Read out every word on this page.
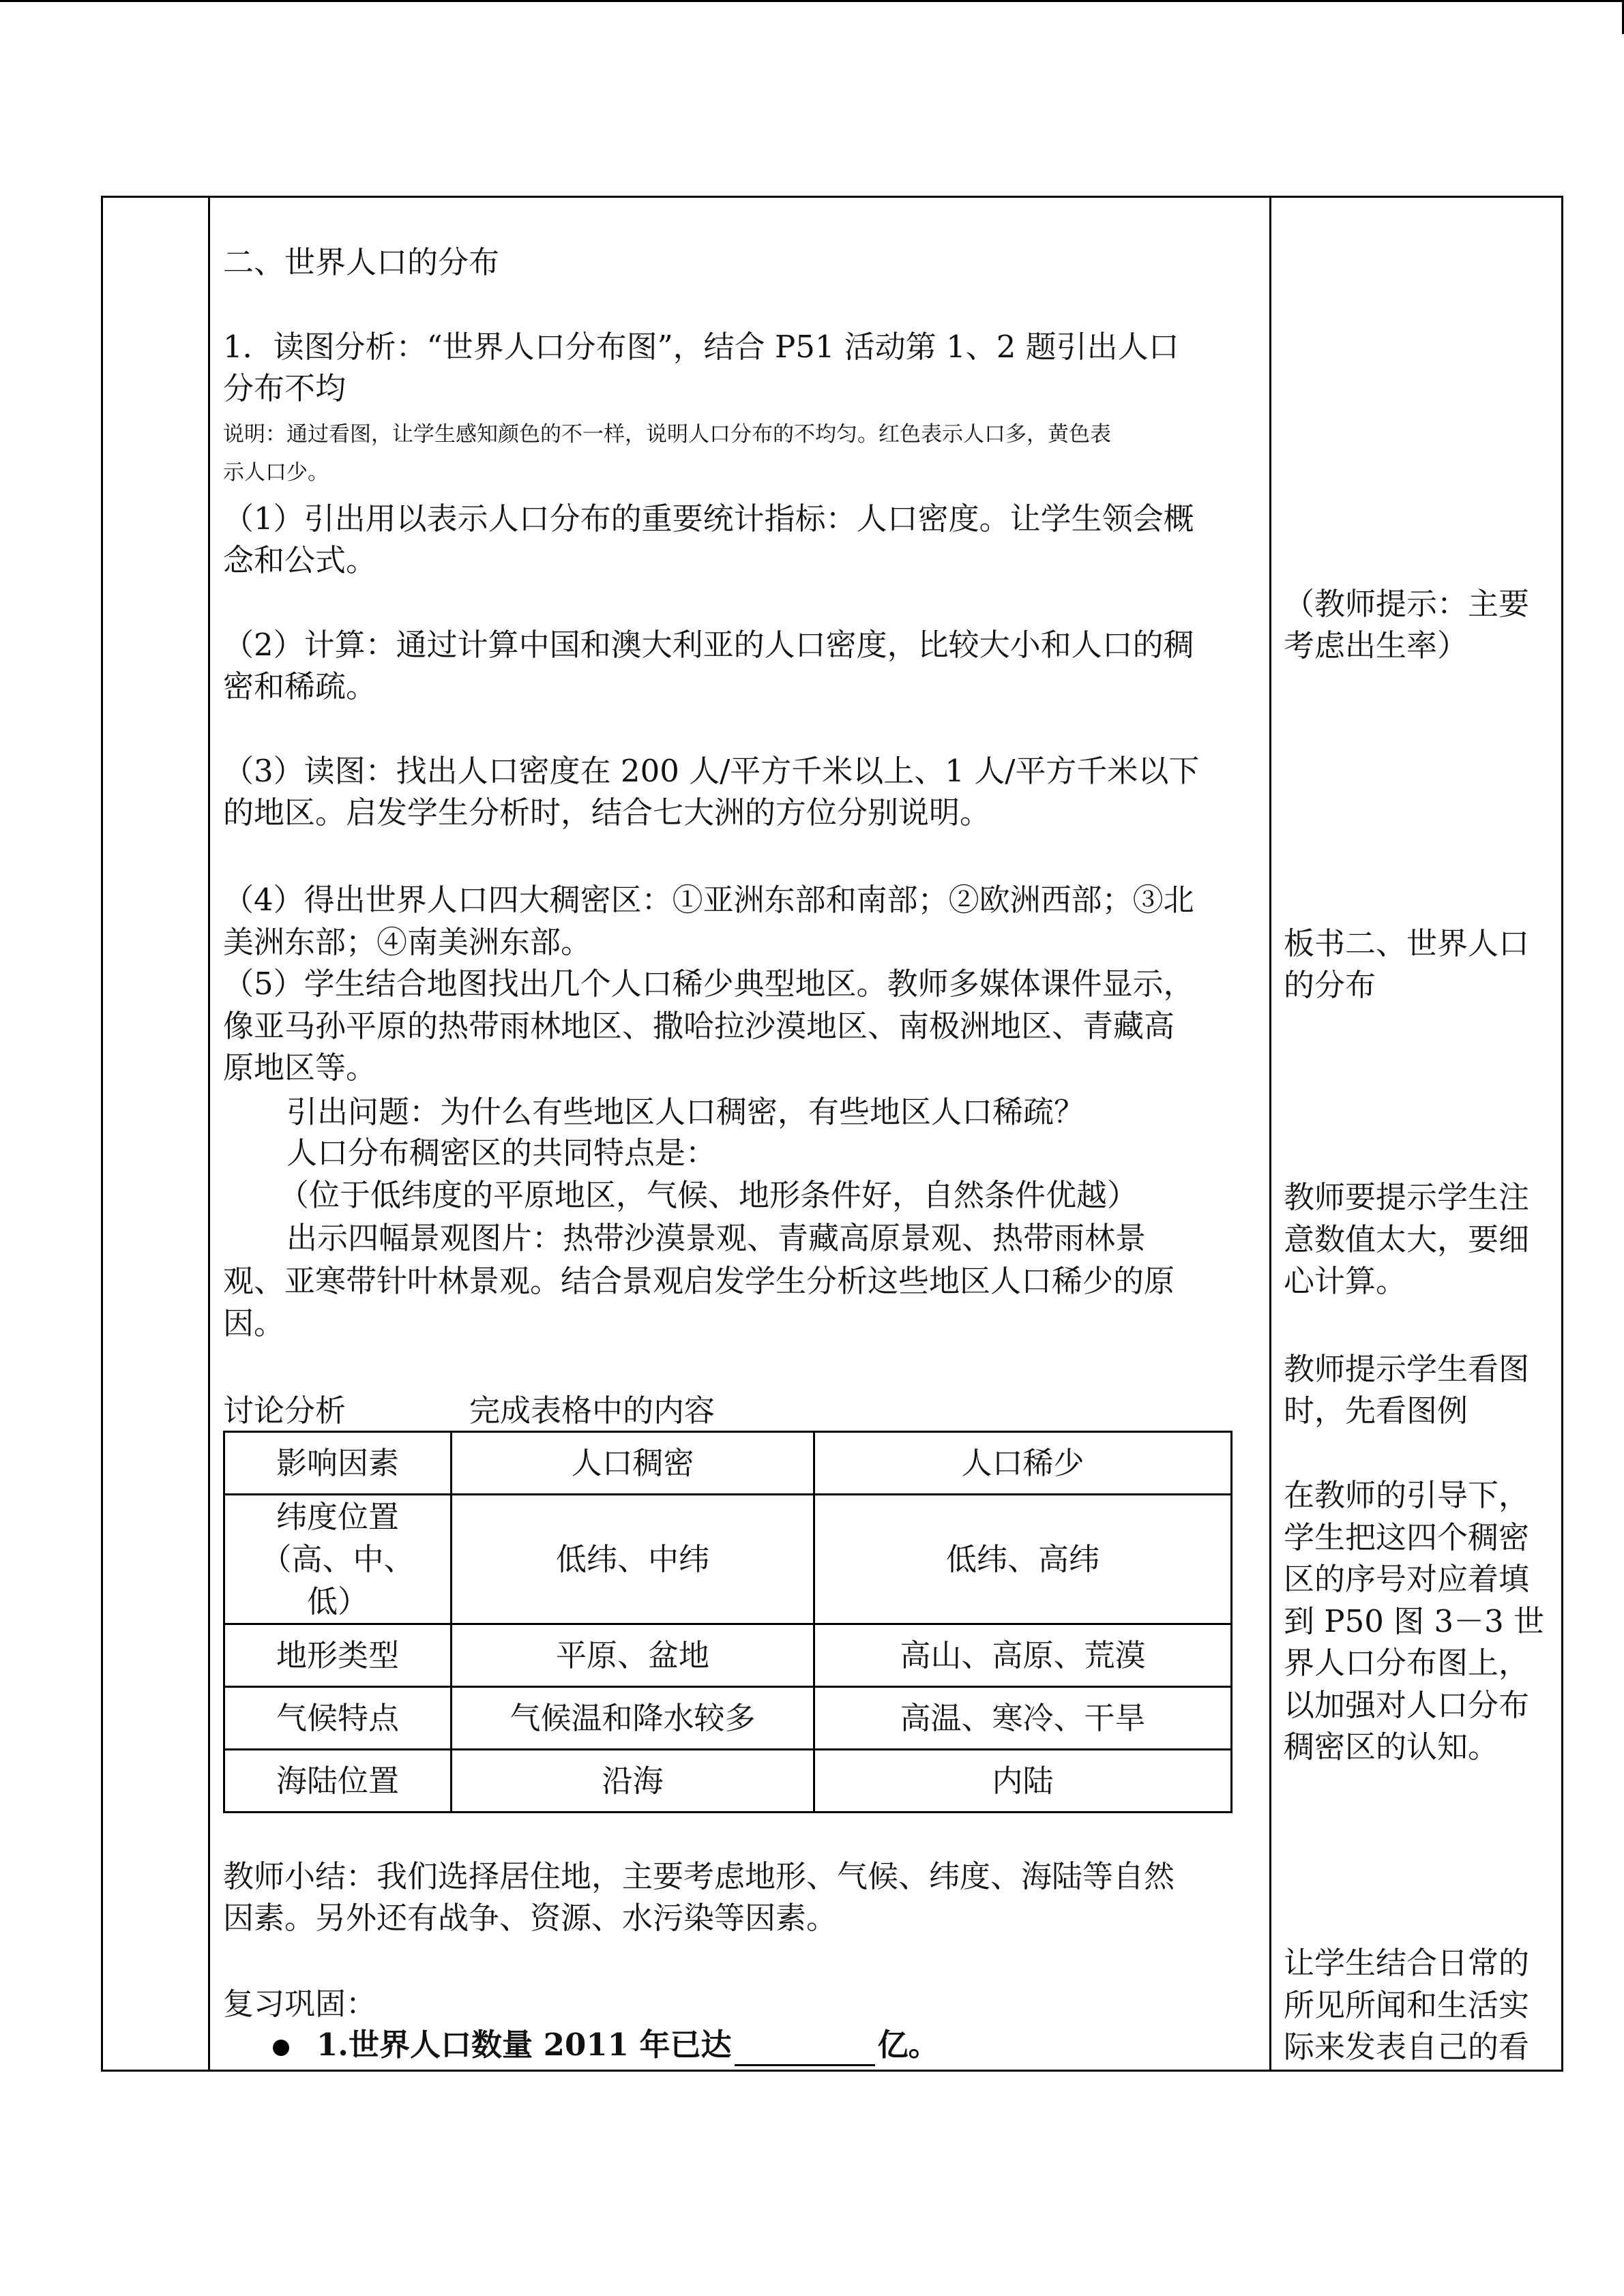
二、世界人口的分布
1．读图分析：“世界人口分布图”，结合 P51 活动第 1、2 题引出人口
分布不均
说明：通过看图，让学生感知颜色的不一样，说明人口分布的不均匀。红色表示人口多，黄色表
示人口少。
（1）引出用以表示人口分布的重要统计指标：人口密度。让学生领会概
念和公式。
（2）计算：通过计算中国和澳大利亚的人口密度，比较大小和人口的稠
密和稀疏。
（3）读图：找出人口密度在 200 人/平方千米以上、1 人/平方千米以下
的地区。启发学生分析时，结合七大洲的方位分别说明。
（4）得出世界人口四大稠密区：①亚洲东部和南部；②欧洲西部；③北
美洲东部；④南美洲东部。
（5）学生结合地图找出几个人口稀少典型地区。教师多媒体课件显示，
像亚马孙平原的热带雨林地区、撒哈拉沙漠地区、南极洲地区、青藏高
原地区等。
引出问题：为什么有些地区人口稠密，有些地区人口稀疏？
人口分布稠密区的共同特点是：
（位于低纬度的平原地区，气候、地形条件好，自然条件优越）
出示四幅景观图片：热带沙漠景观、青藏高原景观、热带雨林景
观、亚寒带针叶林景观。结合景观启发学生分析这些地区人口稀少的原
因。
讨论分析	完成表格中的内容
影响因素	人口稠密	人口稀少

纬度位置
（高、中、
低）	低纬、中纬	低纬、高纬
地形类型	平原、盆地	高山、高原、荒漠
气候特点	气候温和降水较多	高温、寒冷、干旱
海陆位置	沿海	内陆
教师小结：我们选择居住地，主要考虑地形、气候、纬度、海陆等自然
因素。另外还有战争、资源、水污染等因素。
复习巩固：
1.世界人口数量 2011 年已达	亿。
（教师提示：主要
考虑出生率）
板书二、世界人口
的分布
教师要提示学生注
意数值太大，要细
心计算。
教师提示学生看图
时，先看图例
在教师的引导下，
学生把这四个稠密
区的序号对应着填
到 P50 图 3－3 世
界人口分布图上，
以加强对人口分布
稠密区的认知。
让学生结合日常的
所见所闻和生活实
际来发表自己的看
